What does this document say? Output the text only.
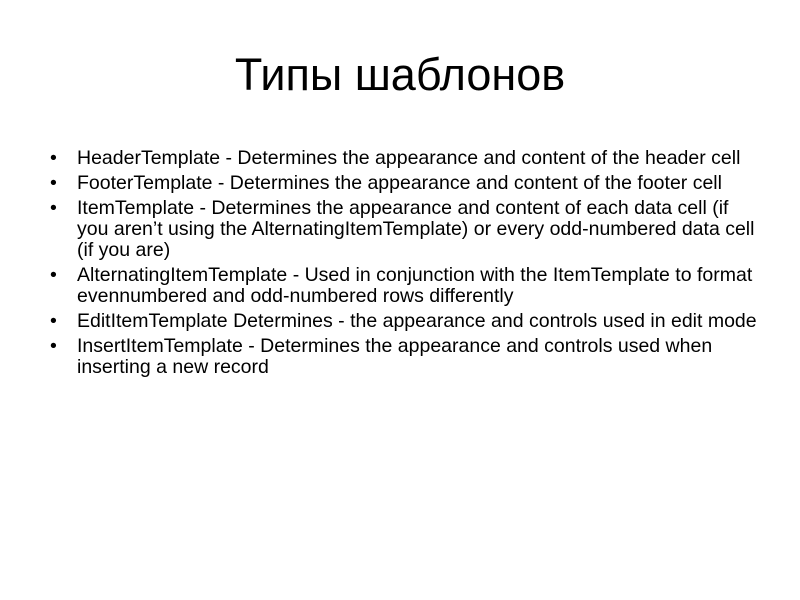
Типы шаблонов
• HeaderTemplate - Determines the appearance and content of the header cell
• FooterTemplate - Determines the appearance and content of the footer cell
• ItemTemplate - Determines the appearance and content of each data cell (if you aren’t using the AlternatingItemTemplate) or every odd-numbered data cell (if you are)
• AlternatingItemTemplate - Used in conjunction with the ItemTemplate to format evennumbered and odd-numbered rows differently
• EditItemTemplate Determines - the appearance and controls used in edit mode
• InsertItemTemplate - Determines the appearance and controls used when inserting a new record
